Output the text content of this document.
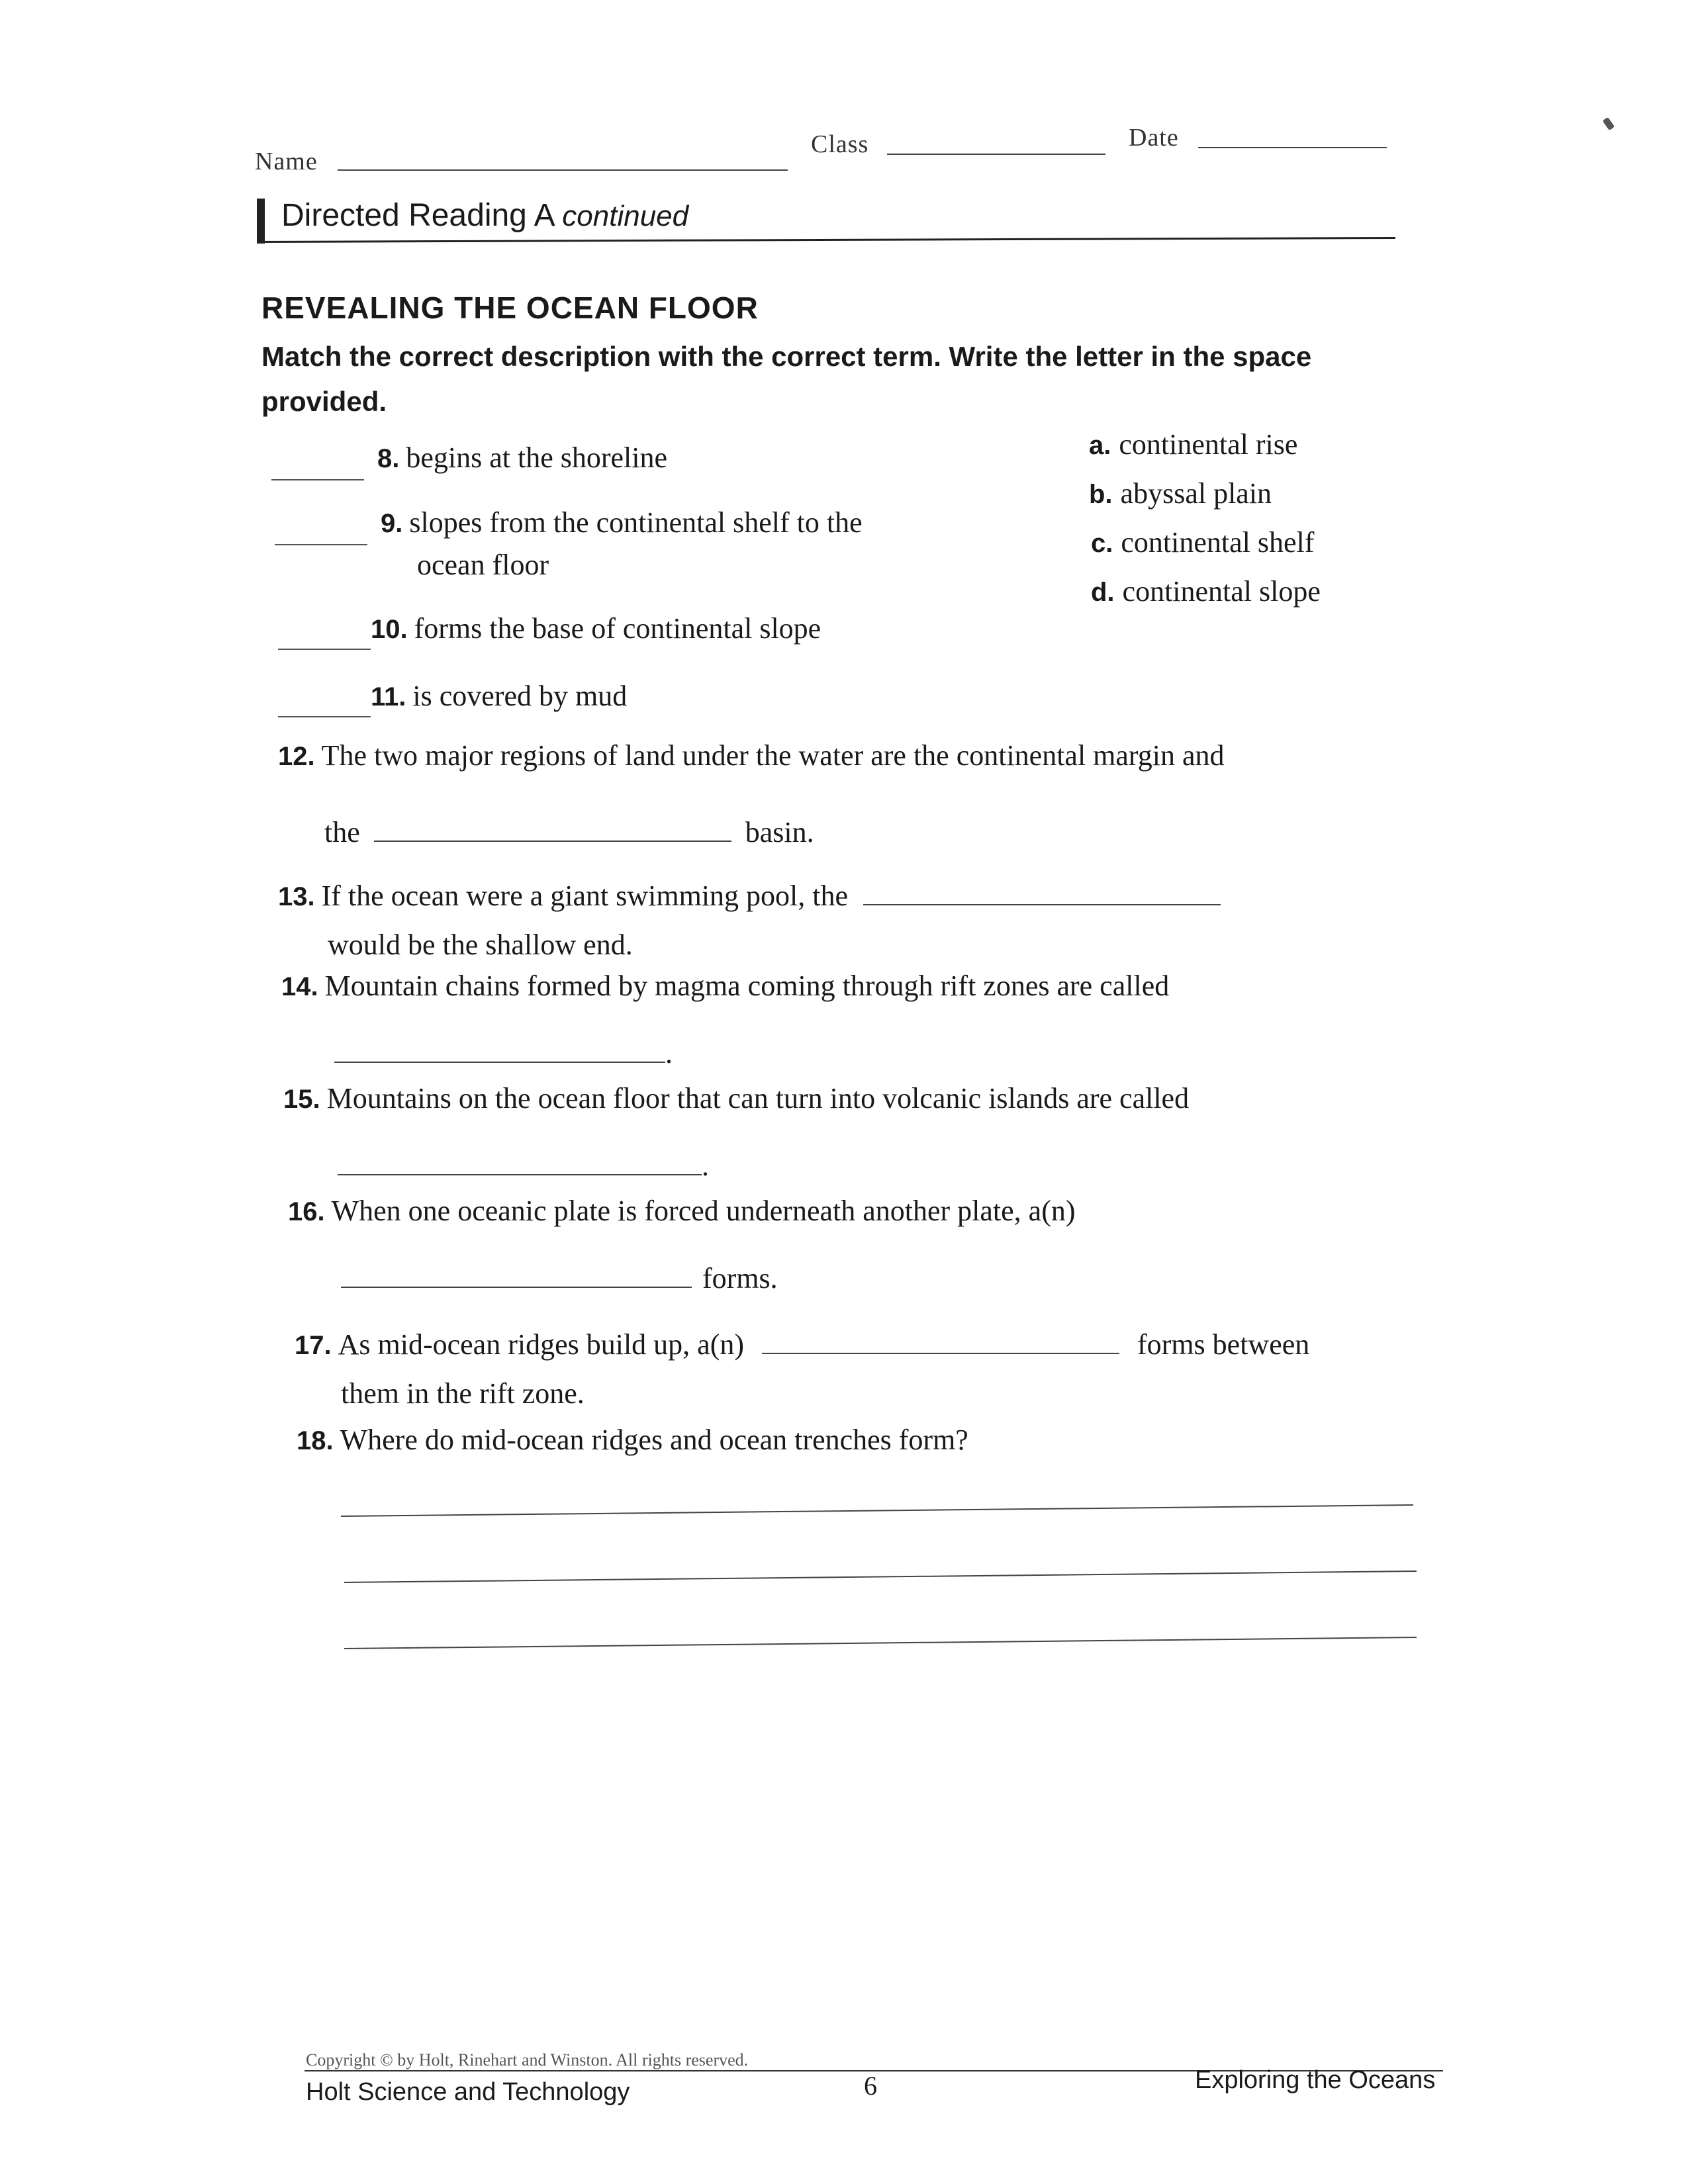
Name
Class	Date
Directed Reading A continued
REVEALING THE OCEAN FLOOR
Match the correct description with the correct term. Write the letter in the space provided.
8. begins at the shoreline
9. slopes from the continental shelf to the
ocean floor
10. forms the base of continental slope
11. is covered by mud
a. continental rise
b. abyssal plain
c. continental shelf
d. continental slope
12. The two major regions of land under the water are the continental margin and
the	basin.
13. If the ocean were a giant swimming pool, the
would be the shallow end.
14. Mountain chains formed by magma coming through rift zones are called
.
15. Mountains on the ocean floor that can turn into volcanic islands are called
.
16. When one oceanic plate is forced underneath another plate, a(n)
forms.
17. As mid-ocean ridges build up, a(n)	forms between
them in the rift zone.
18. Where do mid-ocean ridges and ocean trenches form?
Copyright © by Holt, Rinehart and Winston. All rights reserved.
Holt Science and Technology	6	Exploring the Oceans
